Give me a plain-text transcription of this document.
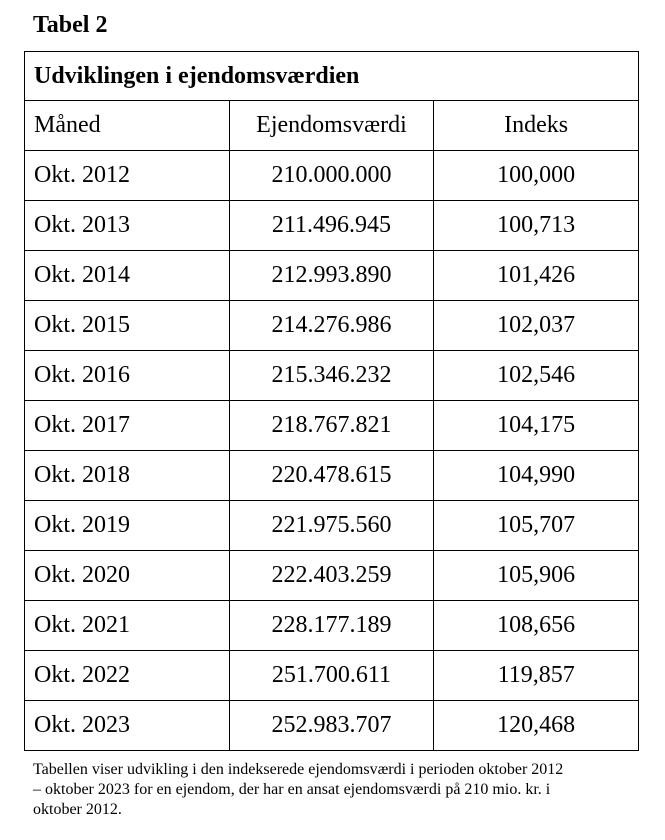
Tabel 2
Udviklingen i ejendomsværdien		
Måned	Ejendomsværdi	Indeks
Okt. 2012	210.000.000	100,000
Okt. 2013	211.496.945	100,713
Okt. 2014	212.993.890	101,426
Okt. 2015	214.276.986	102,037
Okt. 2016	215.346.232	102,546
Okt. 2017	218.767.821	104,175
Okt. 2018	220.478.615	104,990
Okt. 2019	221.975.560	105,707
Okt. 2020	222.403.259	105,906
Okt. 2021	228.177.189	108,656
Okt. 2022	251.700.611	119,857
Okt. 2023	252.983.707	120,468

Tabellen viser udvikling i den indekserede ejendomsværdi i perioden oktober 2012
– oktober 2023 for en ejendom, der har en ansat ejendomsværdi på 210 mio. kr. i
oktober 2012.
